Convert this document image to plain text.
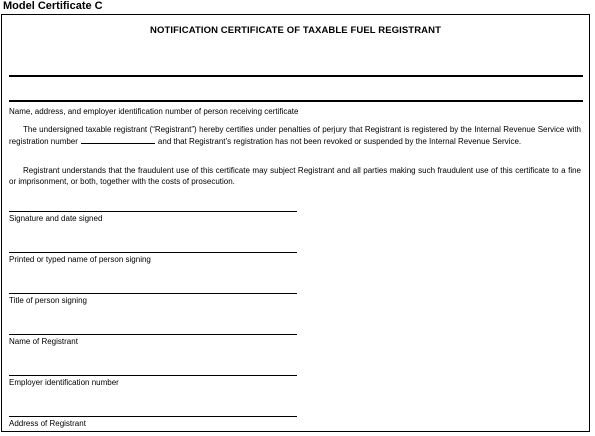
Model Certificate C
NOTIFICATION CERTIFICATE OF TAXABLE FUEL REGISTRANT
Name, address, and employer identification number of person receiving certificate
The undersigned taxable registrant (“Registrant”) hereby certifies under penalties of perjury that Registrant is registered by the Internal Revenue Service with registration number	and that Registrant’s registration has not been revoked or suspended by the Internal Revenue Service.
Registrant understands that the fraudulent use of this certificate may subject Registrant and all parties making such fraudulent use of this certificate to a fine or imprisonment, or both, together with the costs of prosecution.
Signature and date signed
Printed or typed name of person signing
Title of person signing
Name of Registrant
Employer identification number
Address of Registrant
